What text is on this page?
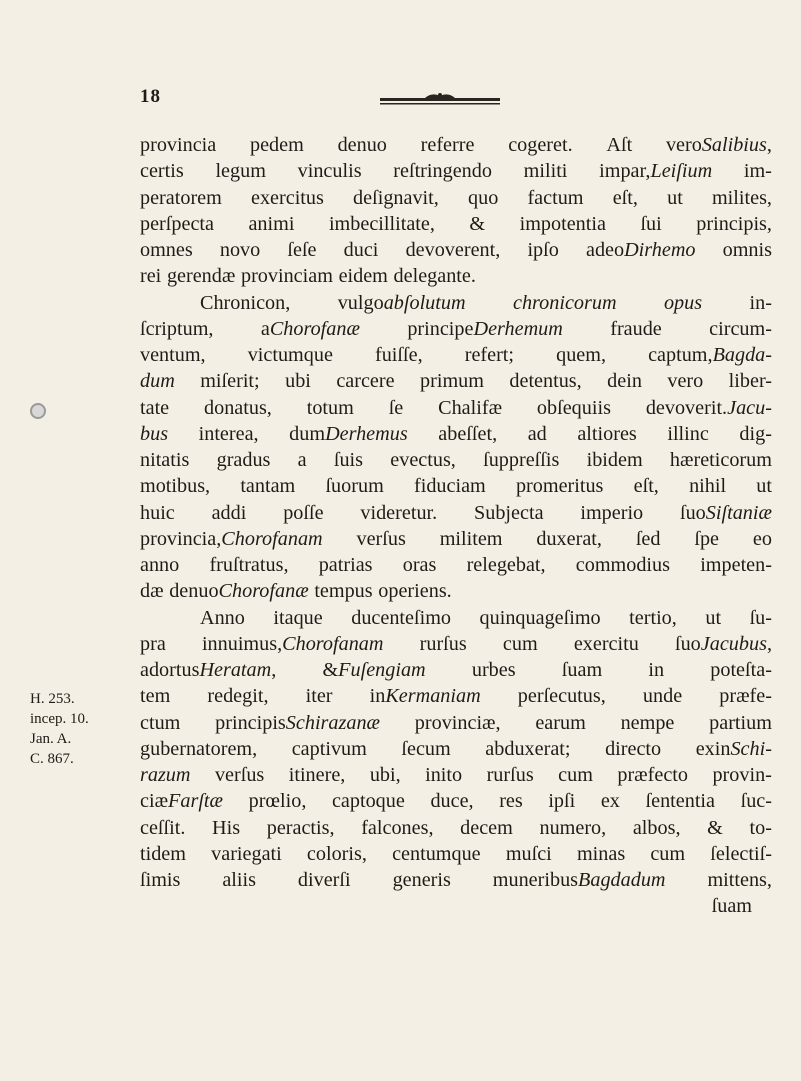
18
H. 253.
incep. 10.
Jan. A.
C. 867.
provincia pedem denuo referre cogeret. Aſt veroSalibius,
certis legum vinculis reſtringendo militi impar,Leiſium im-
peratorem exercitus deſignavit, quo factum eſt, ut milites,
perſpecta animi imbecillitate, & impotentia ſui principis,
omnes novo ſeſe duci devoverent, ipſo adeoDirhemo omnis
rei gerendæ provinciam eidem delegante.
Chronicon, vulgoabſolutum chronicorum opus in-
ſcriptum, aChorofanæ principeDerhemum fraude circum-
ventum, victumque fuiſſe, refert; quem, captum,Bagda-
dum miſerit; ubi carcere primum detentus, dein vero liber-
tate donatus, totum ſe Chalifæ obſequiis devoverit.Jacu-
bus interea, dumDerhemus abeſſet, ad altiores illinc dig-
nitatis gradus a ſuis evectus, ſuppreſſis ibidem hæreticorum
motibus, tantam ſuorum fiduciam promeritus eſt, nihil ut
huic addi poſſe videretur. Subjecta imperio ſuoSiſtaniæ
provincia,Chorofanam verſus militem duxerat, ſed ſpe eo
anno fruſtratus, patrias oras relegebat, commodius impeten-
dæ denuoChorofanæ tempus operiens.
Anno itaque ducenteſimo quinquageſimo tertio, ut ſu-
pra innuimus,Chorofanam rurſus cum exercitu ſuoJacubus,
adortusHeratam, &Fuſengiam urbes ſuam in poteſta-
tem redegit, iter inKermaniam perſecutus, unde præfe-
ctum principisSchirazanæ provinciæ, earum nempe partium
gubernatorem, captivum ſecum abduxerat; directo exinSchi-
razum verſus itinere, ubi, inito rurſus cum præfecto provin-
ciæFarſtæ prœlio, captoque duce, res ipſi ex ſententia ſuc-
ceſſit. His peractis, falcones, decem numero, albos, & to-
tidem variegati coloris, centumque muſci minas cum ſelectiſ-
ſimis aliis diverſi generis muneribusBagdadum mittens,
ſuam
